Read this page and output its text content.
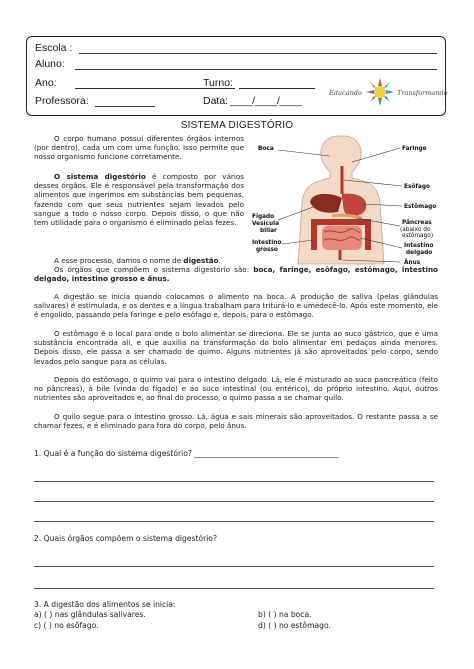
Escola :
Aluno:
Ano:	Turno:
Professora:	Data: ____/____/____
Educando	Transformando
SISTEMA DIGESTÓRIO
O corpo humano possui diferentes órgãos internos (por dentro), cada um com uma função. Isso permite que nosso organismo funcione corretamente.
O sistema digestório é composto por vários desses órgãos. Ele é responsável pela transformação dos alimentos que ingerimos em substâncias bem pequenas, fazendo com que seus nutrientes sejam levados pelo sangue a todo o nosso corpo. Depois disso, o que não tem utilidade para o organismo é eliminado pelas fezes.
A esse processo, damos o nome de digestão.
Os órgãos que compõem o sistema digestório são: boca, faringe, esôfago, estômago, intestino delgado, intestino grosso e ânus.
Boca	Faringe
Esôfago
Estômago
Fígado
Vesícula
biliar
Pâncreas
(abaixo do
estômago)
Intestino
delgado
Intestino
grosso
Ânus
A digestão se inicia quando colocamos o alimento na boca. A produção de saliva (pelas glândulas salivares) é estimulada, e os dentes e a língua trabalham para triturá-lo e umedecê-lo. Após este momento, ele é engolido, passando pela faringe e pelo esôfago e, depois, para o estômago.
O estômago é o local para onde o bolo alimentar se direciona. Ele se junta ao suco gástrico, que é uma substância encontrada ali, e que auxilia na transformação do bolo alimentar em pedaços ainda menores. Depois disso, ele passa a ser chamado de quimo. Alguns nutrientes já são aproveitados pelo corpo, sendo levados pelo sangue para as células.
Depois do estômago, o quimo vai para o intestino delgado. Lá, ele é misturado ao suco pancreático (feito no pâncreas), à bile (vinda do fígado) e ao suco intestinal (ou entérico), do próprio intestino. Aqui, outros nutrientes são aproveitados e, ao final do processo, o quimo passa a se chamar quilo.
O quilo segue para o intestino grosso. Lá, água e sais minerais são aproveitados. O restante passa a se chamar fezes, e é eliminado para fora do corpo, pelo ânus.
1. Qual é a função do sistema digestório? ______________________________________
2. Quais órgãos compõem o sistema digestório?
3. A digestão dos alimentos se inicia:
a) ( ) nas glândulas salivares.	b) ( ) na boca.
c) ( ) no esôfago.	d) ( ) no estômago.
